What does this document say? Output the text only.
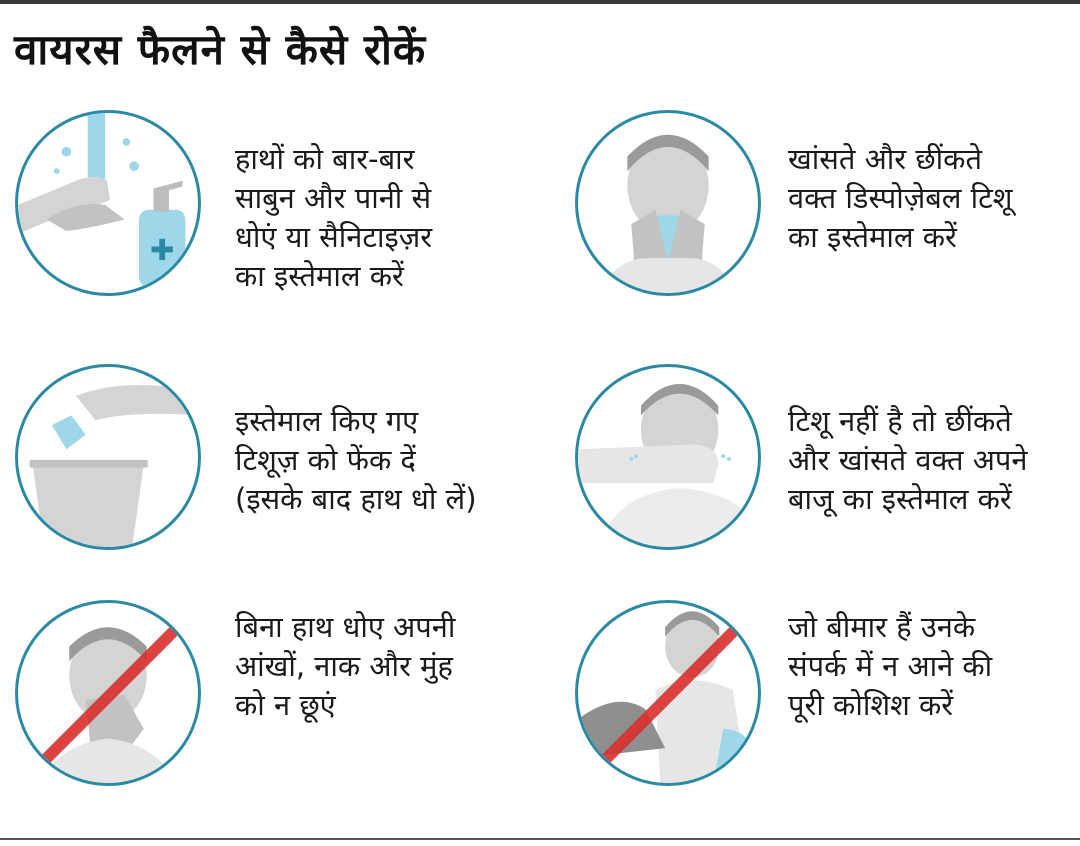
वायरस फैलने से कैसे रोकें
हाथों को बार-बार
साबुन और पानी से
धोएं या सैनिटाइज़र
का इस्तेमाल करें
खांसते और छींकते
वक्त डिस्पोज़ेबल टिशू
का इस्तेमाल करें
इस्तेमाल किए गए
टिशूज़ को फेंक दें
(इसके बाद हाथ धो लें)
टिशू नहीं है तो छींकते
और खांसते वक्त अपने
बाजू का इस्तेमाल करें
बिना हाथ धोए अपनी
आंखों, नाक और मुंह
को न छूएं
जो बीमार हैं उनके
संपर्क में न आने की
पूरी कोशिश करें
